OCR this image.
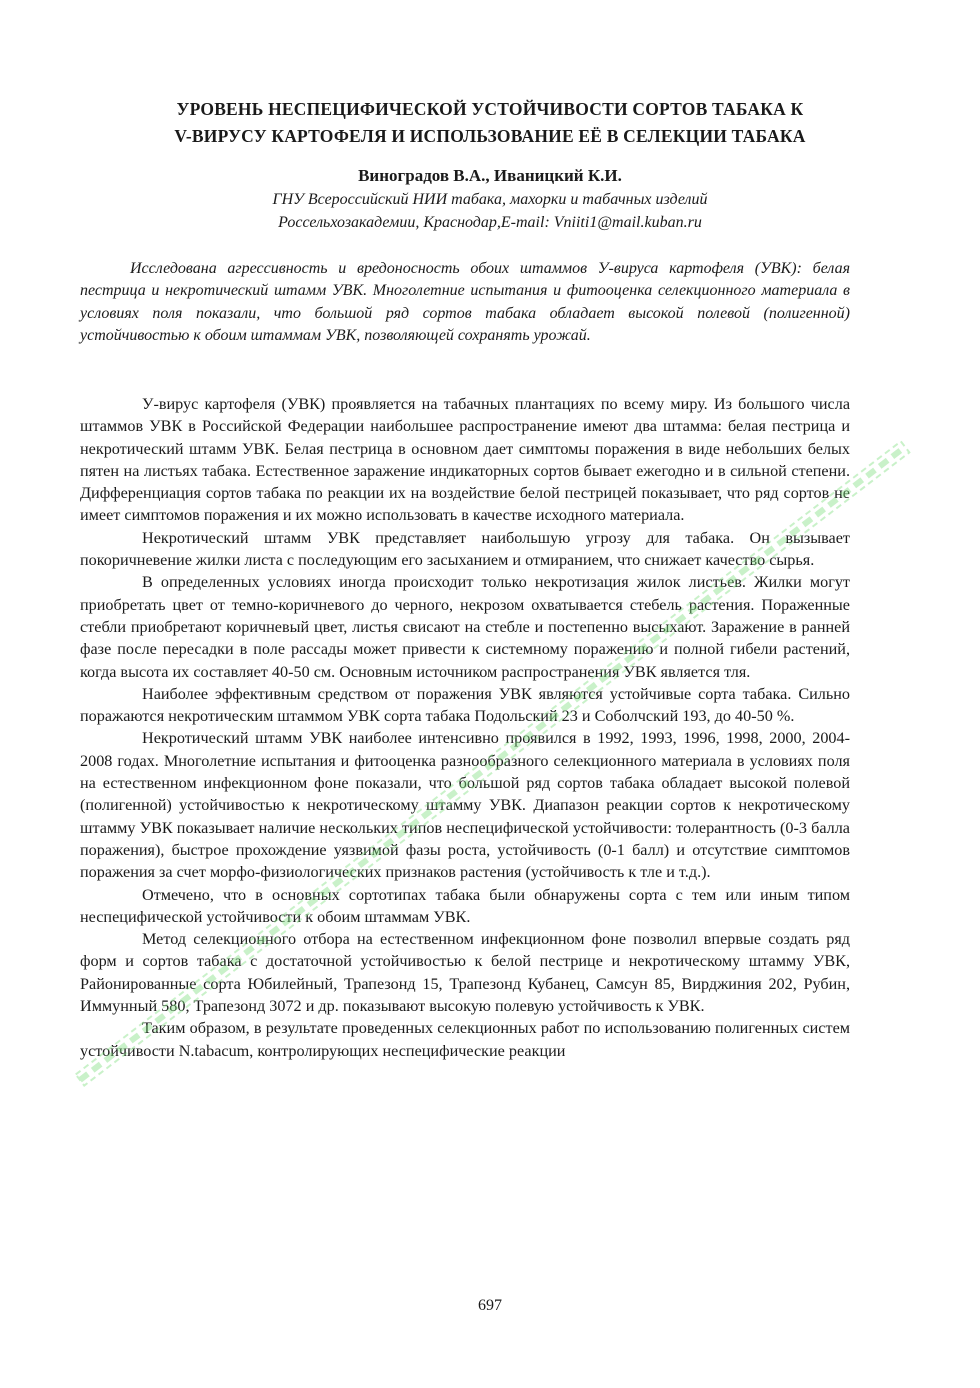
УРОВЕНЬ НЕСПЕЦИФИЧЕСКОЙ УСТОЙЧИВОСТИ СОРТОВ ТАБАКА К
V-ВИРУСУ КАРТОФЕЛЯ И ИСПОЛЬЗОВАНИЕ ЕЁ В СЕЛЕКЦИИ ТАБАКА
Виноградов В.А., Иваницкий К.И.
ГНУ Всероссийский НИИ табака, махорки и табачных изделий
Россельхозакадемии, Краснодар,E-mail: Vniiti1@mail.kuban.ru
Исследована агрессивность и вредоносность обоих штаммов У-вируса картофеля (УВК): белая пестрица и некротический штамм УВК. Многолетние испытания и фитооценка селекционного материала в условиях поля показали, что большой ряд сортов табака обладает высокой полевой (полигенной) устойчивостью к обоим штаммам УВК, позволяющей сохранять урожай.

У-вирус картофеля (УВК) проявляется на табачных плантациях по всему миру. Из большого числа штаммов УВК в Российской Федерации наибольшее распространение имеют два штамма: белая пестрица и некротический штамм УВК. Белая пестрица в основном дает симптомы поражения в виде небольших белых пятен на листьях табака. Естественное заражение индикаторных сортов бывает ежегодно и в сильной степени. Дифференциация сортов табака по реакции их на воздействие белой пестрицей показывает, что ряд сортов не имеет симптомов поражения и их можно использовать в качестве исходного материала.

Некротический штамм УВК представляет наибольшую угрозу для табака. Он вызывает покоричневение жилки листа с последующим его засыханием и отмиранием, что снижает качество сырья.

В определенных условиях иногда происходит только некротизация жилок листьев. Жилки могут приобретать цвет от темно-коричневого до черного, некрозом охватывается стебель растения. Пораженные стебли приобретают коричневый цвет, листья свисают на стебле и постепенно высыхают. Заражение в ранней фазе после пересадки в поле рассады может привести к системному поражению и полной гибели растений, когда высота их составляет 40-50 см. Основным источником распространения УВК является тля.

Наиболее эффективным средством от поражения УВК являются устойчивые сорта табака. Сильно поражаются некротическим штаммом УВК сорта табака Подольский 23 и Соболчский 193, до 40-50 %.

Некротический штамм УВК наиболее интенсивно проявился в 1992, 1993, 1996, 1998, 2000, 2004-2008 годах. Многолетние испытания и фитооценка разнообразного селекционного материала в условиях поля на естественном инфекционном фоне показали, что большой ряд сортов табака обладает высокой полевой (полигенной) устойчивостью к некротическому штамму УВК. Диапазон реакции сортов к некротическому штамму УВК показывает наличие нескольких типов неспецифической устойчивости: толерантность (0-3 балла поражения), быстрое прохождение уязвимой фазы роста, устойчивость (0-1 балл) и отсутствие симптомов поражения за счет морфо-физиологических признаков растения (устойчивость к тле и т.д.).

Отмечено, что в основных сортотипах табака были обнаружены сорта с тем или иным типом неспецифической устойчивости к обоим штаммам УВК.

Метод селекционного отбора на естественном инфекционном фоне позволил впервые создать ряд форм и сортов табака с достаточной устойчивостью к белой пестрице и некротическому штамму УВК, Районированные сорта Юбилейный, Трапезонд 15, Трапезонд Кубанец, Самсун 85, Вирджиния 202, Рубин, Иммунный 580, Трапезонд 3072 и др. показывают высокую полевую устойчивость к УВК.

Таким образом, в результате проведенных селекционных работ по использованию полигенных систем устойчивости N.tabacum, контролирующих неспецифические реакции

697
